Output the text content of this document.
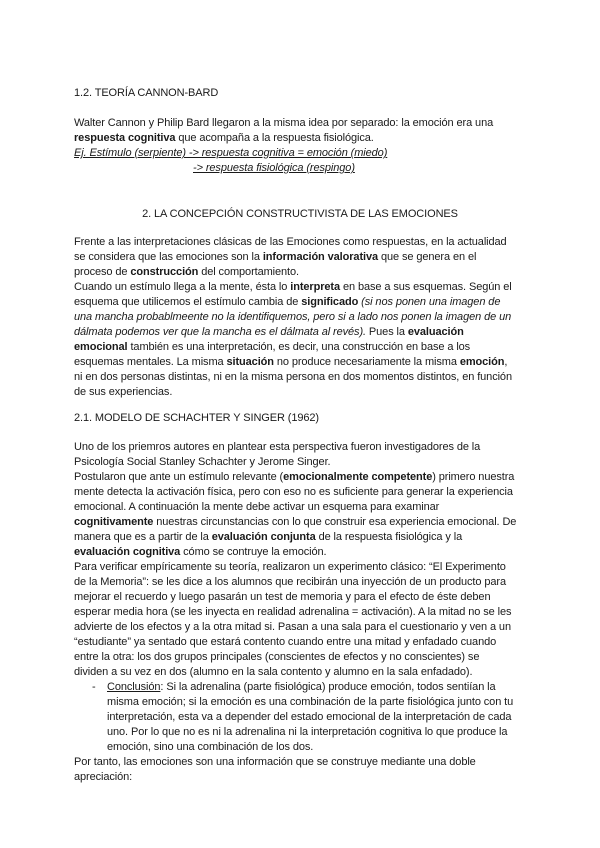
1.2. TEORÍA CANNON-BARD
Walter Cannon y Philip Bard llegaron a la misma idea por separado: la emoción era una
respuesta cognitiva que acompaña a la respuesta fisiológica.
Ej. Estímulo (serpiente) -> respuesta cognitiva = emoción (miedo)
-> respuesta fisiológica (respingo)
2. LA CONCEPCIÓN CONSTRUCTIVISTA DE LAS EMOCIONES
Frente a las interpretaciones clásicas de las Emociones como respuestas, en la actualidad
se considera que las emociones son la información valorativa que se genera en el
proceso de construcción del comportamiento.
Cuando un estímulo llega a la mente, ésta lo interpreta en base a sus esquemas. Según el
esquema que utilicemos el estímulo cambia de significado (si nos ponen una imagen de
una mancha probablmeente no la identifiquemos, pero si a lado nos ponen la imagen de un
dálmata podemos ver que la mancha es el dálmata al revés). Pues la evaluación
emocional también es una interpretación, es decir, una construcción en base a los
esquemas mentales. La misma situación no produce necesariamente la misma emoción,
ni en dos personas distintas, ni en la misma persona en dos momentos distintos, en función
de sus experiencias.
2.1. MODELO DE SCHACHTER Y SINGER (1962)
Uno de los priemros autores en plantear esta perspectiva fueron investigadores de la
Psicología Social Stanley Schachter y Jerome Singer.
Postularon que ante un estímulo relevante (emocionalmente competente) primero nuestra
mente detecta la activación física, pero con eso no es suficiente para generar la experiencia
emocional. A continuación la mente debe activar un esquema para examinar
cognitivamente nuestras circunstancias con lo que construir esa experiencia emocional. De
manera que es a partir de la evaluación conjunta de la respuesta fisiológica y la
evaluación cognitiva cómo se contruye la emoción.
Para verificar empíricamente su teoría, realizaron un experimento clásico: “El Experimento
de la Memoria”: se les dice a los alumnos que recibirán una inyección de un producto para
mejorar el recuerdo y luego pasarán un test de memoria y para el efecto de éste deben
esperar media hora (se les inyecta en realidad adrenalina = activación). A la mitad no se les
advierte de los efectos y a la otra mitad si. Pasan a una sala para el cuestionario y ven a un
“estudiante” ya sentado que estará contento cuando entre una mitad y enfadado cuando
entre la otra: los dos grupos principales (conscientes de efectos y no conscientes) se
dividen a su vez en dos (alumno en la sala contento y alumno en la sala enfadado).
- Conclusión: Si la adrenalina (parte fisiológica) produce emoción, todos sentiían la
misma emoción; si la emoción es una combinación de la parte fisiológica junto con tu
interpretación, esta va a depender del estado emocional de la interpretación de cada
uno. Por lo que no es ni la adrenalina ni la interpretación cognitiva lo que produce la
emoción, sino una combinación de los dos.
Por tanto, las emociones son una información que se construye mediante una doble
apreciación:
